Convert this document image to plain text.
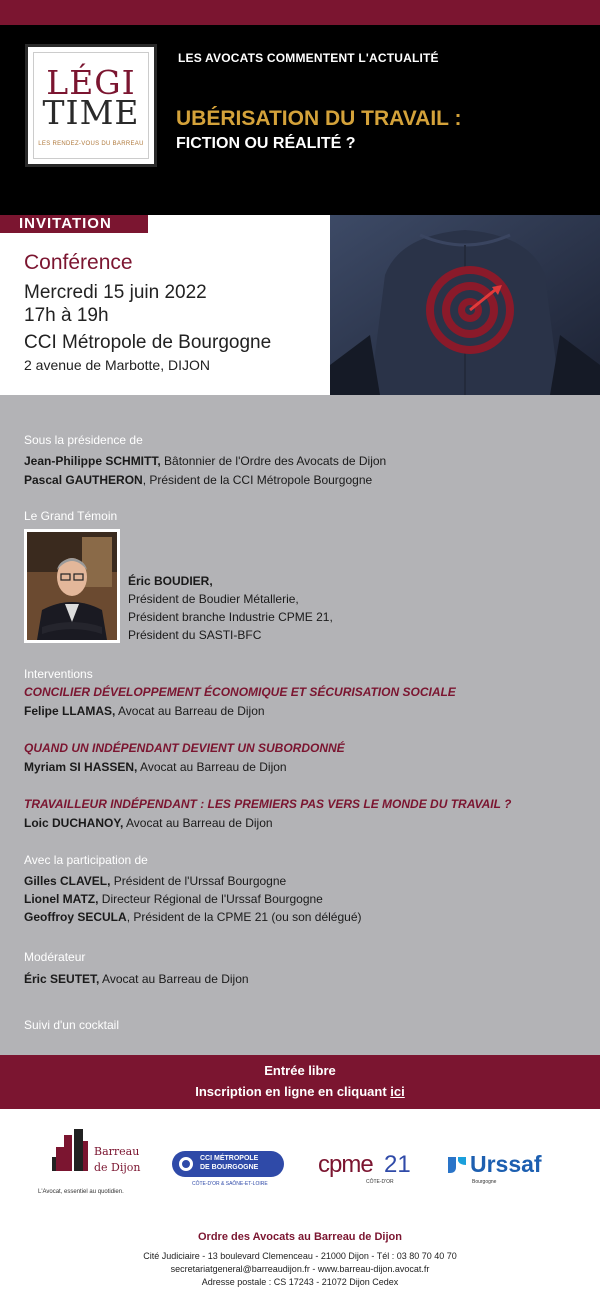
LÉGI
TIME
LES RENDEZ-VOUS DU BARREAU
LES AVOCATS COMMENTENT L'ACTUALITÉ
UBÉRISATION DU TRAVAIL :
FICTION OU RÉALITÉ ?
INVITATION
Conférence
Mercredi 15 juin 2022
17h à 19h
CCI Métropole de Bourgogne
2 avenue de Marbotte, DIJON
Sous la présidence de
Jean-Philippe SCHMITT, Bâtonnier de l'Ordre des Avocats de Dijon
Pascal GAUTHERON, Président de la CCI Métropole Bourgogne
Le Grand Témoin
Éric BOUDIER,
Président de Boudier Métallerie,
Président branche Industrie CPME 21,
Président du SASTI-BFC
Interventions
CONCILIER DÉVELOPPEMENT ÉCONOMIQUE ET SÉCURISATION SOCIALE
Felipe LLAMAS, Avocat au Barreau de Dijon
QUAND UN INDÉPENDANT DEVIENT UN SUBORDONNÉ
Myriam SI HASSEN, Avocat au Barreau de Dijon
TRAVAILLEUR INDÉPENDANT : LES PREMIERS PAS VERS LE MONDE DU TRAVAIL ?
Loic DUCHANOY, Avocat au Barreau de Dijon
Avec la participation de
Gilles CLAVEL, Président de l'Urssaf Bourgogne
Lionel MATZ, Directeur Régional de l'Urssaf Bourgogne
Geoffroy SECULA, Président de la CPME 21 (ou son délégué)
Modérateur
Éric SEUTET, Avocat au Barreau de Dijon
Suivi d'un cocktail
Entrée libre
Inscription en ligne en cliquant ici
Barreau
de Dijon
L'Avocat, essentiel au quotidien.
CCI MÉTROPOLE
DE BOURGOGNE
CÔTE-D'OR & SAÔNE-ET-LOIRE
cpme 21
CÔTE-D'OR
Urssaf
Bourgogne
Ordre des Avocats au Barreau de Dijon
Cité Judiciaire - 13 boulevard Clemenceau - 21000 Dijon - Tél : 03 80 70 40 70
secretariatgeneral@barreaudijon.fr - www.barreau-dijon.avocat.fr
Adresse postale : CS 17243 - 21072 Dijon Cedex
